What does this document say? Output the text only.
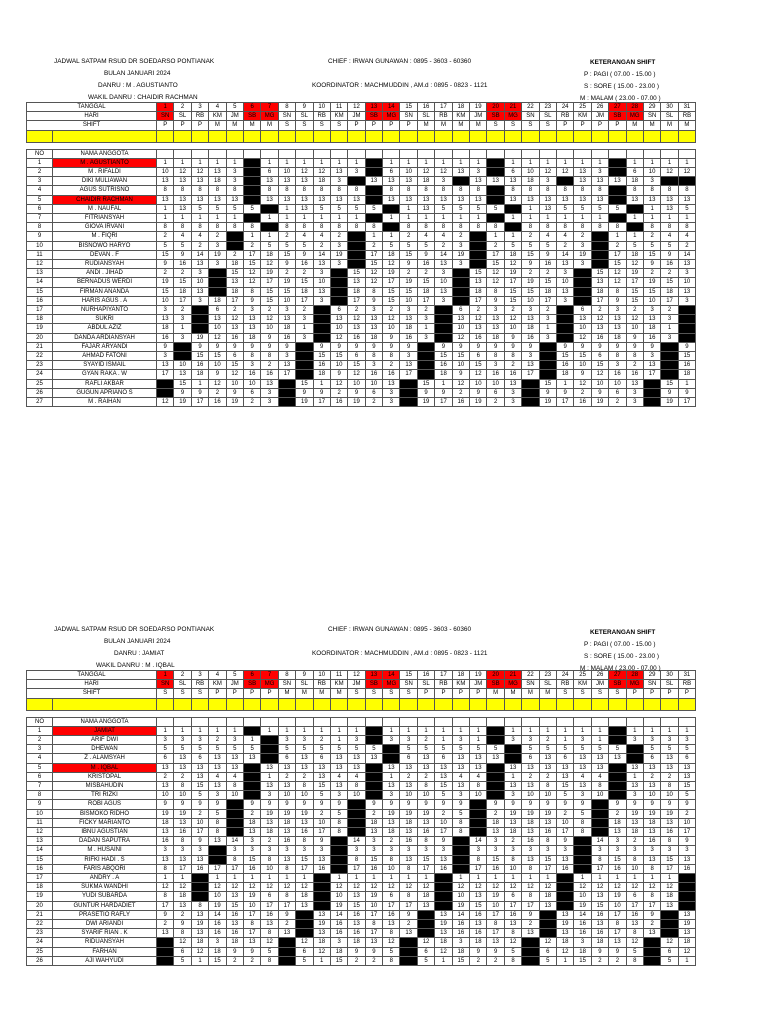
JADWAL SATPAM RSUD DR SOEDARSO PONTIANAK
BULAN JANUARI 2024
DANRU : M . AGUSTIANTO
WAKIL DANRU : CHAIDIR RACHMAN
CHIEF : IRWAN GUNAWAN : 0895 - 3603 - 60360
KOORDINATOR : MACHMUDDIN , AM.d : 0895 - 0823 - 1121
KETERANGAN SHIFT
P : PAGI ( 07.00 - 15.00 )
S : SORE ( 15.00 - 23.00 )
M : MALAM ( 23.00 - 07.00 )
TANGGAL		1	2	3	4	5	6	7	8	9	10	11	12	13	14	15	16	17	18	19	20	21	22	23	24	25	26	27	28	29	30	31
HARI		SN	SL	RB	KM	JM	SB	MG	SN	SL	RB	KM	JM	SB	MG	SN	SL	RB	KM	JM	SB	MG	SN	SL	RB	KM	JM	SB	MG	SN	SL	RB
SHIFT		P	P	P	M	M	M	M	S	S	S	S	P	P	P	P	M	M	M	M	S	S	S	S	P	P	P	P	M	M	M	M

NO	NAMA ANGGOTA																															
1	M . AGUSTIANTO	1	1	1	1	1		1	1	1	1	1	1		1	1	1	1	1	1		1	1	1	1	1	1		1	1	1	1
2	M . RIFALDI	10	12	12	13	3		6	10	12	12	13	3		6	10	12	12	13	3		6	10	12	12	13	3		6	10	12	12
3	DIKI MULIAWAN	13	13	13	18	3		13	13	13	18	3		13	13	13	18	3		13	13	13	18	3		13	13	13	18	3		
4	AGUS SUTRISNO	8	8	8	8	8		8	8	8	8	8	8		8	8	8	8	8	8		8	8	8	8	8	8		8	8	8	8
5	CHAIDIR RACHMAN	13	13	13	13	13		13	13	13	13	13	13		13	13	13	13	13	13		13	13	13	13	13	13		13	13	13	13
6	M . NAUFAL	1	13	5	5	5	5		1	13	5	5	5	5		1	13	5	5	5	5		1	13	5	5	5	5		1	13	5
7	FITRIANSYAH	1	1	1	1	1		1	1	1	1	1	1		1	1	1	1	1	1		1	1	1	1	1	1		1	1	1	1
8	GIOVA IRVANI	8	8	8	8	8	8		8	8	8	8	8	8		8	8	8	8	8	8		8	8	8	8	8	8		8	8	8
9	M . FIQRI	2	4	4	2		1	1	2	4	4	2		1	1	2	4	4	2		1	1	2	4	4	2		1	1	2	4	4
10	BISNOWO HARYO	5	5	2	3		2	5	5	5	2	3		2	5	5	5	2	3		2	5	5	5	2	3		2	5	5	5	2
11	DEVAN . F	15	9	14	19	2	17	18	15	9	14	19		17	18	15	9	14	19		17	18	15	9	14	19		17	18	15	9	14
12	RUDIANSYAH	9	16	13	3	18	15	12	9	16	13	3		15	12	9	16	13	3		15	12	9	16	13	3		15	12	9	16	13
13	ANDI . JIHAD	2	2	3		15	12	19	2	2	3		15	12	19	2	2	3		15	12	19	2	2	3		15	12	19	2	2	3
14	BERNADUS WERDI	19	15	10		13	12	17	19	15	10		13	12	17	19	15	10		13	12	17	19	15	10		13	12	17	19	15	10
15	FIRMAN ANANDA	15	18	13		18	8	15	15	18	13		18	8	15	15	18	13		18	8	15	15	18	13		18	8	15	15	18	13
16	HARIS AGUS . A	10	17	3	18	17	9	15	10	17	3		17	9	15	10	17	3		17	9	15	10	17	3		17	9	15	10	17	3
17	NURHAPIYANTO	3	2		6	2	3	2	3	2		6	2	3	2	3	2		6	2	3	2	3	2		6	2	3	2	3	2	
18	SUKRI	13	3		13	12	13	12	13	3		13	12	13	12	13	3		13	12	13	12	13	3		13	12	13	12	13	3	
19	ABDUL AZIZ	18	1		10	13	13	10	18	1		10	13	13	10	18	1		10	13	13	10	18	1		10	13	13	10	18	1	
20	DANDA ARDIANSYAH	16	3	19	12	16	18	9	16	3		12	16	18	9	16	3		12	16	18	9	16	3		12	16	18	9	16	3	
21	FAJAR ARYANDI	9		9	9	9	9	9	9		9	9	9	9	9	9		9	9	9	9	9	9		9	9	9	9	9	9		9
22	AHMAD FATONI	3		15	15	6	8	8	3		15	15	6	8	8	3		15	15	6	8	8	3		15	15	6	8	8	3		15
23	SYAYID ISMAIL	13	10	16	10	15	3	2	13		16	10	15	3	2	13		16	10	15	3	2	13		16	10	15	3	2	13		16
24	GYAN RAKA . W	17	13	18	9	12	16	16	17		18	9	12	16	16	17		18	9	12	16	16	17		18	9	12	16	16	17		18
25	RAFLI AKBAR		15	1	12	10	10	13		15	1	12	10	10	13		15	1	12	10	10	13		15	1	12	10	10	13		15	1
26	GUGUN APRIANO S		9	9	2	9	6	3		9	9	2	9	6	3		9	9	2	9	6	3		9	9	2	9	6	3		9	9
27	M . RAIHAN	12	19	17	16	19	2	3		19	17	16	19	2	3		19	17	16	19	2	3		19	17	16	19	2	3		19	17
JADWAL SATPAM RSUD DR SOEDARSO PONTIANAK
BULAN JANUARI 2024
DANRU : JAMIAT
WAKIL DANRU : M . IQBAL
CHIEF : IRWAN GUNAWAN : 0895 - 3603 - 60360
KOORDINATOR : MACHMUDDIN , AM.d : 0895 - 0823 - 1121
KETERANGAN SHIFT
P : PAGI ( 07.00 - 15.00 )
S : SORE ( 15.00 - 23.00 )
M : MALAM ( 23.00 - 07.00 )
TANGGAL		1	2	3	4	5	6	7	8	9	10	11	12	13	14	15	16	17	18	19	20	21	22	23	24	25	26	27	28	29	30	31
HARI		SN	SL	RB	KM	JM	SB	MG	SN	SL	RB	KM	JM	SB	MG	SN	SL	RB	KM	JM	SB	MG	SN	SL	RB	KM	JM	SB	MG	SN	SL	RB
SHIFT		S	S	S	P	P	P	P	M	M	M	M	S	S	S	S	P	P	P	P	M	M	M	M	S	S	S	S	P	P	P	P

NO	NAMA ANGGOTA																															
1	JAMIAT	1	1	1	1	1		1	1	1	1	1	1		1	1	1	1	1	1		1	1	1	1	1	1		1	1	1	1
2	ARIF DWI	3	3	3	2	3	1		3	3	2	1	3		3	3	2	1	3	1		3	3	2	1	3	1		3	3	3	3
3	DHEWAN	5	5	5	5	5	5		5	5	5	5	5	5		5	5	5	5	5	5		5	5	5	5	5	5		5	5	5
4	Z . ALAMSYAH	6	13	6	13	13	13		6	13	6	13	13	13		6	13	6	13	13	13		6	13	6	13	13	13		6	13	6
5	M . IQBAL	13	13	13	13	13		13	13	13	13	13	13		13	13	13	13	13	13		13	13	13	13	13	13		13	13	13	13
6	KRISTOPAL	2	2	13	4	4		1	2	2	13	4	4		1	2	2	13	4	4		1	2	2	13	4	4		1	2	2	13
7	MISBAHUDIN	13	8	15	13	8		13	13	8	15	13	8		13	13	8	15	13	8		13	13	8	15	13	8		13	13	8	15
8	TRI RIZKI	10	10	5	3	10		3	10	10	5	3	10		3	10	10	5	3	10		3	10	10	5	3	10		3	10	10	5
9	ROBI AGUS	9	9	9	9		9	9	9	9	9	9		9	9	9	9	9	9		9	9	9	9	9	9		9	9	9	9	9
10	BISMOKO RIDHO	19	19	2	5		2	19	19	19	2	5		2	19	19	19	2	5		2	19	19	19	2	5		2	19	19	19	2
11	FICKY MARIANTO	18	13	10	8		18	13	18	13	10	8		18	13	18	13	10	8		18	13	18	13	10	8		18	13	18	13	10
12	IBNU AGUSTIAN	13	16	17	8		13	18	13	16	17	8		13	18	13	16	17	8		13	18	13	16	17	8		13	18	13	16	17
13	DADAN SAPUTRA	16	8	9	13	14	3	2	16	8	9		14	3	2	16	8	9		14	3	2	16	8	9		14	3	2	16	8	9
14	M . HUSAINI	3	3	3		3	3	3	3	3	3		3	3	3	3	3	3		3	3	3	3	3	3		3	3	3	3	3	3
15	RIFKI HADI . S	13	13	13		8	15	8	13	15	13		8	15	8	13	15	13		8	15	8	13	15	13		8	15	8	13	15	13
16	FARIS ABQORI	8	17	16	17	17	16	10	8	17	16		17	16	10	8	17	16		17	16	10	8	17	16		17	16	10	8	17	16
17	ANDRY . A	1	1		1	1	1	1	1	1		1	1	1	1	1	1		1	1	1	1	1	1		1	1	1	1	1	1	
18	SUKMA WANDHI	12	12		12	12	12	12	12	12		12	12	12	12	12	12		12	12	12	12	12	12		12	12	12	12	12	12	
19	YUDI SUBARDA	8	18		10	13	19	6	8	18		10	13	19	6	8	18		10	13	19	6	8	18		10	13	19	6	8	18	
20	GUNTUR HARDADIET	17	13	8	19	15	10	17	17	13		19	15	10	17	17	13		19	15	10	17	17	13		19	15	10	17	17	13	
21	PRASETIO RAFLY	9	2	13	14	16	17	16	9		13	14	16	17	16	9		13	14	16	17	16	9		13	14	16	17	16	9		13
22	DWI ARIANDI	2	9	19	16	13	8	13	2		19	16	13	8	13	2		19	16	13	8	13	2		19	16	13	8	13	2		19
23	SYARIF RIAN . K	13	8	13	16	16	17	8	13		13	16	16	17	8	13		13	16	16	17	8	13		13	16	16	17	8	13		13
24	RIDUANSYAH		12	18	3	18	13	12		12	18	3	18	13	12		12	18	3	18	13	12		12	18	3	18	13	12		12	18
25	FARHAN		6	12	18	9	9	5		6	12	18	9	9	5		6	12	18	9	9	5		6	12	18	9	9	5		6	12
26	AJI WAHYUDI		5	1	15	2	2	8		5	1	15	2	2	8		5	1	15	2	2	8		5	1	15	2	2	8		5	1
